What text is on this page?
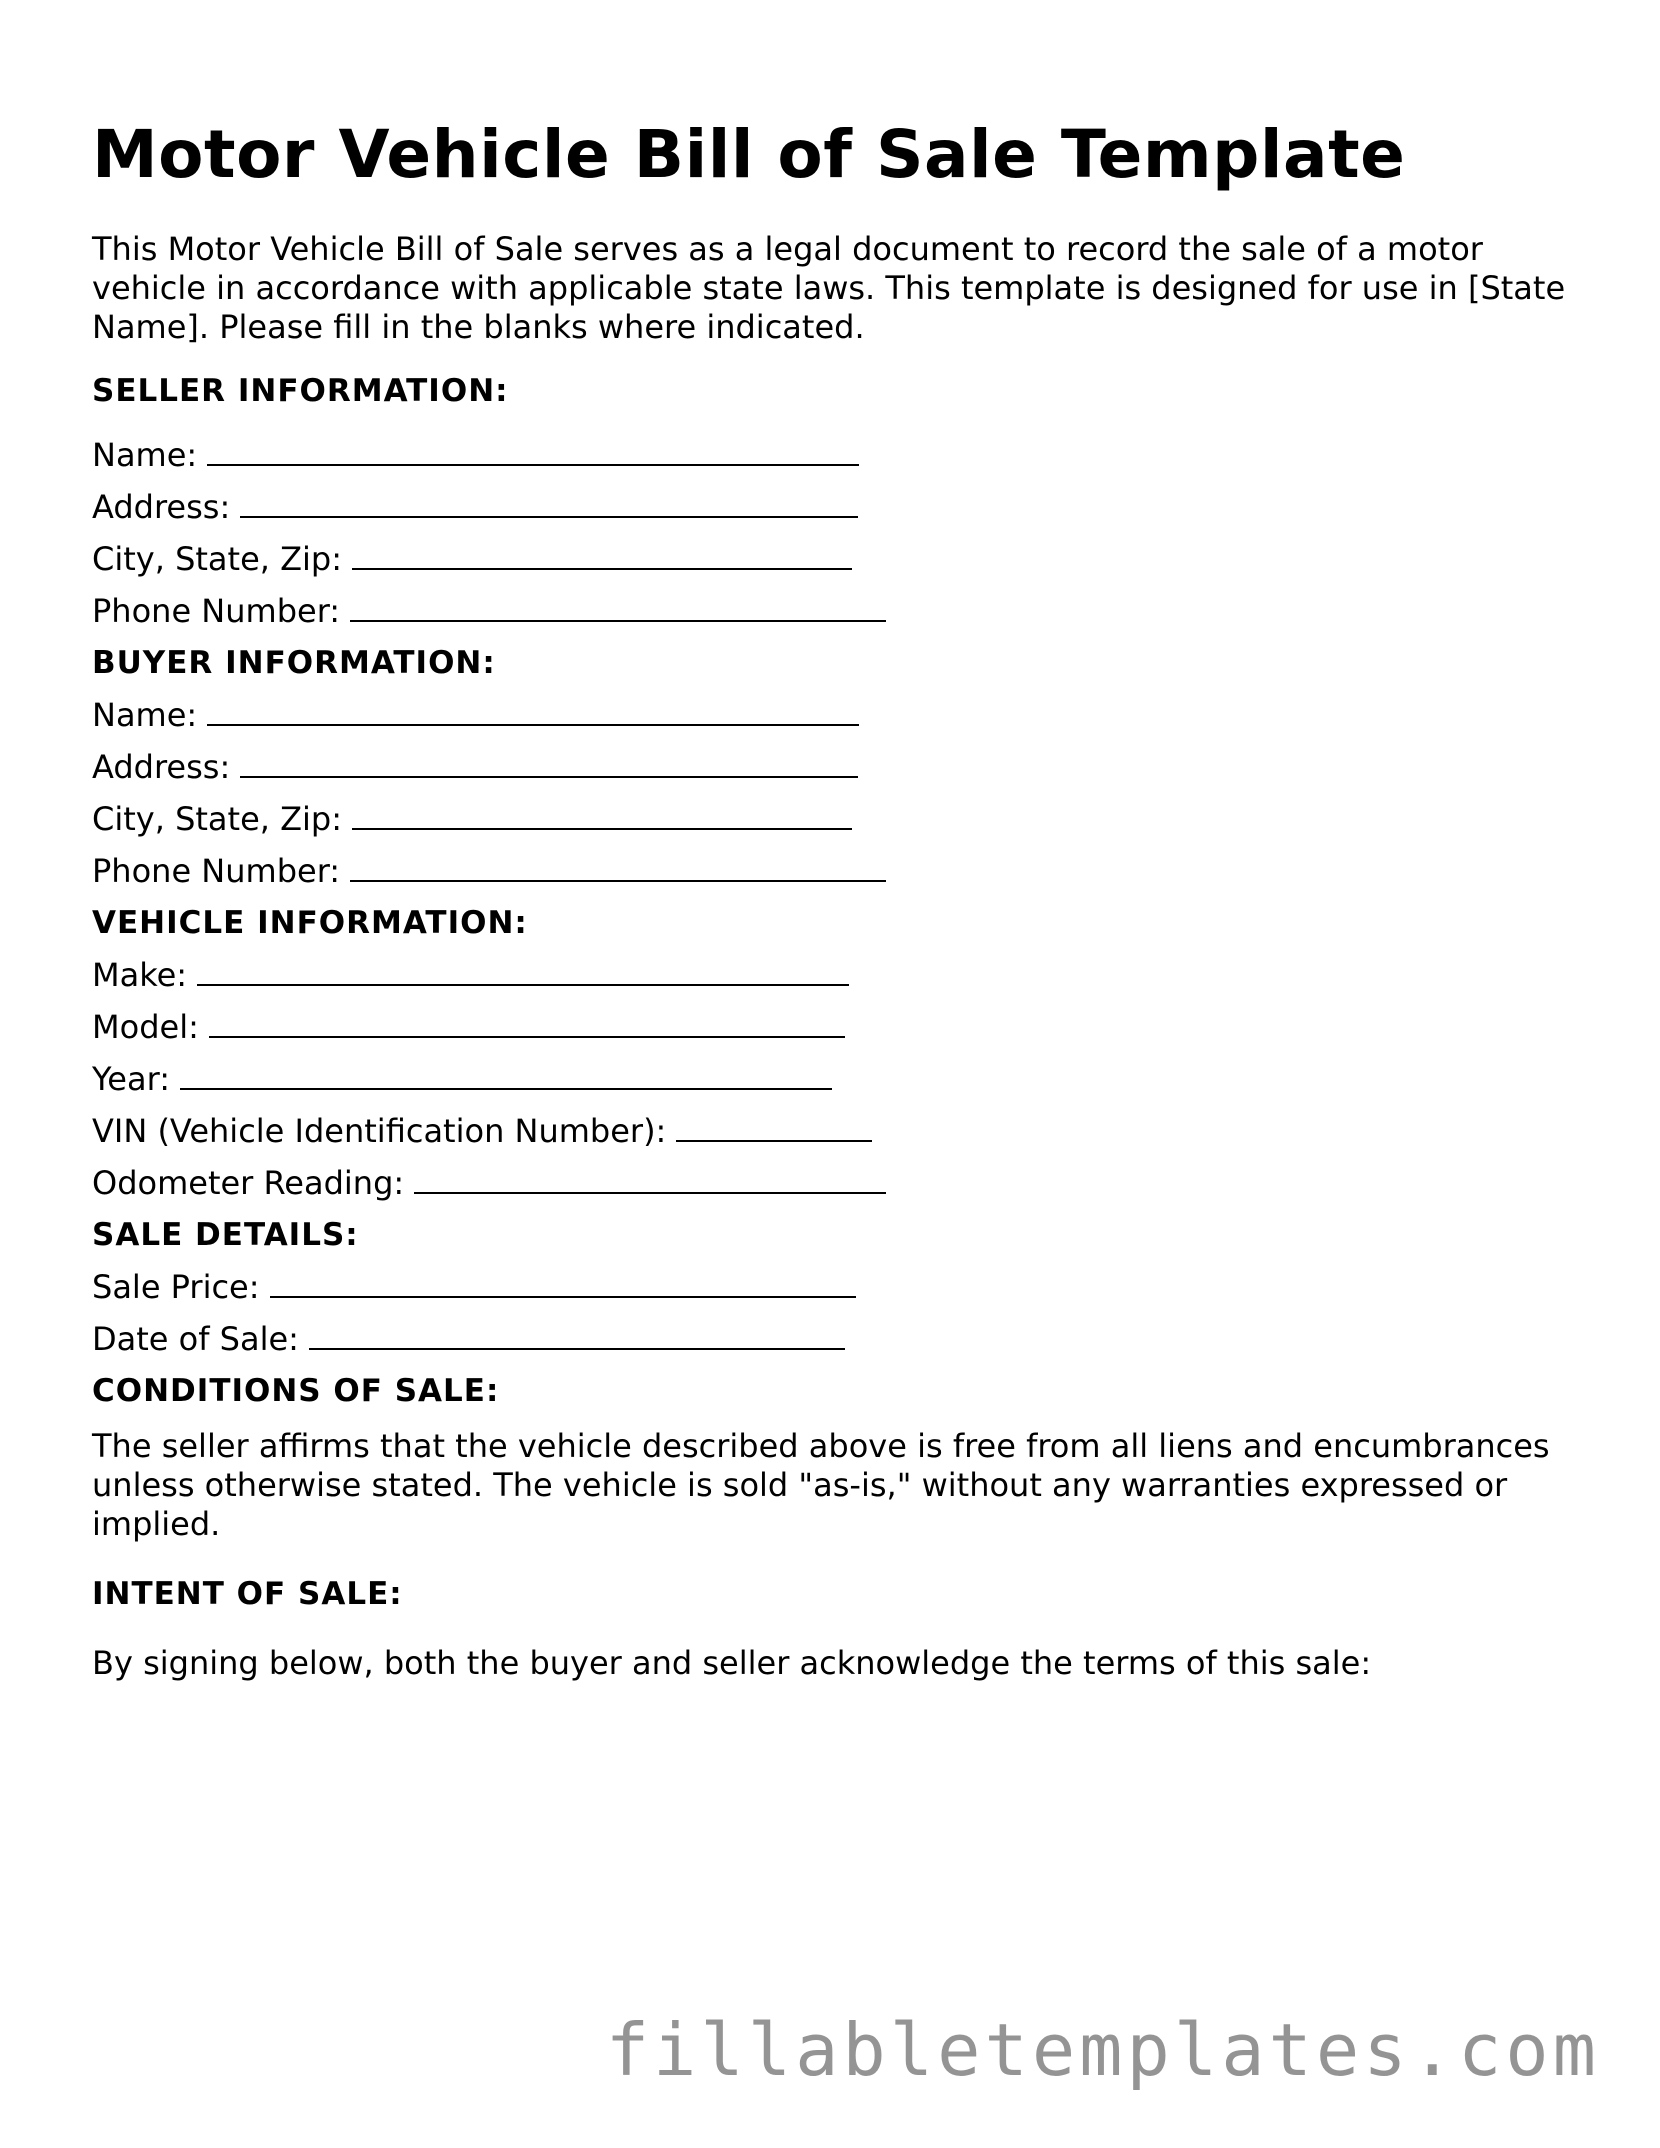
Motor Vehicle Bill of Sale Template

This Motor Vehicle Bill of Sale serves as a legal document to record the sale of a motor vehicle in accordance with applicable state laws. This template is designed for use in [State Name]. Please fill in the blanks where indicated.

SELLER INFORMATION:

Name:

Address:

City, State, Zip:

Phone Number:

BUYER INFORMATION:

Name:

Address:

City, State, Zip:

Phone Number:

VEHICLE INFORMATION:

Make:

Model:

Year:

VIN (Vehicle Identification Number):

Odometer Reading:

SALE DETAILS:

Sale Price:

Date of Sale:

CONDITIONS OF SALE:

The seller affirms that the vehicle described above is free from all liens and encumbrances unless otherwise stated. The vehicle is sold "as-is," without any warranties expressed or implied.

INTENT OF SALE:

By signing below, both the buyer and seller acknowledge the terms of this sale:

fillabletemplates.com
